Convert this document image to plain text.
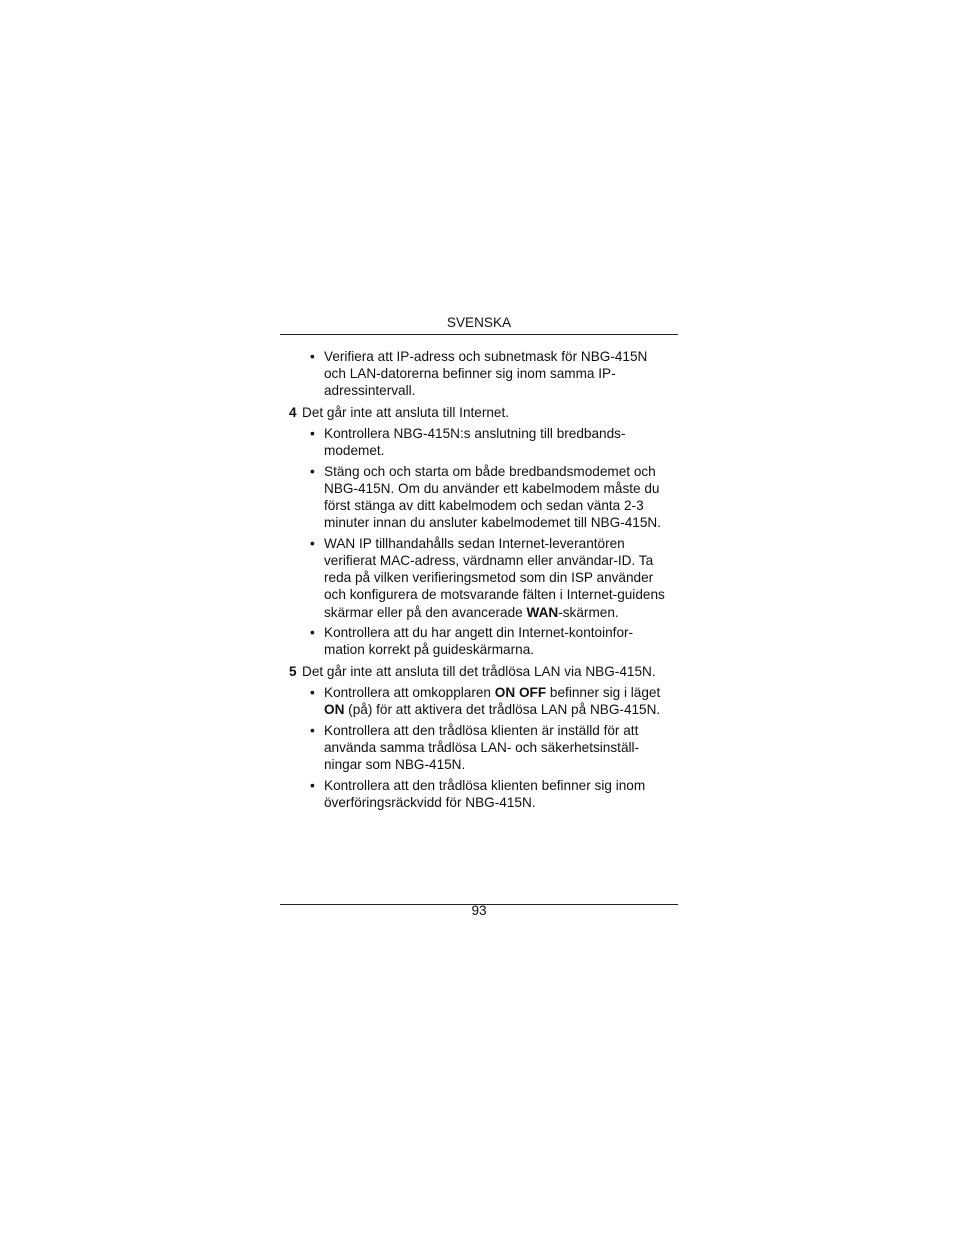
SVENSKA
• Verifiera att IP-adress och subnetmask för NBG-415N och LAN-datorerna befinner sig inom samma IP-adressintervall.
4 Det går inte att ansluta till Internet.
• Kontrollera NBG-415N:s anslutning till bredbands-modemet.
• Stäng och och starta om både bredbandsmodemet och NBG-415N. Om du använder ett kabelmodem måste du först stänga av ditt kabelmodem och sedan vänta 2-3 minuter innan du ansluter kabelmodemet till NBG-415N.
• WAN IP tillhandahålls sedan Internet-leverantören verifierat MAC-adress, värdnamn eller användar-ID. Ta reda på vilken verifieringsmetod som din ISP använder och konfigurera de motsvarande fälten i Internet-guidens skärmar eller på den avancerade WAN-skärmen.
• Kontrollera att du har angett din Internet-kontoinfor-mation korrekt på guideskärmarna.
5 Det går inte att ansluta till det trådlösa LAN via NBG-415N.
• Kontrollera att omkopplaren ON OFF befinner sig i läget ON (på) för att aktivera det trådlösa LAN på NBG-415N.
• Kontrollera att den trådlösa klienten är inställd för att använda samma trådlösa LAN- och säkerhetsinställ-ningar som NBG-415N.
• Kontrollera att den trådlösa klienten befinner sig inom överföringsräckvidd för NBG-415N.
93
